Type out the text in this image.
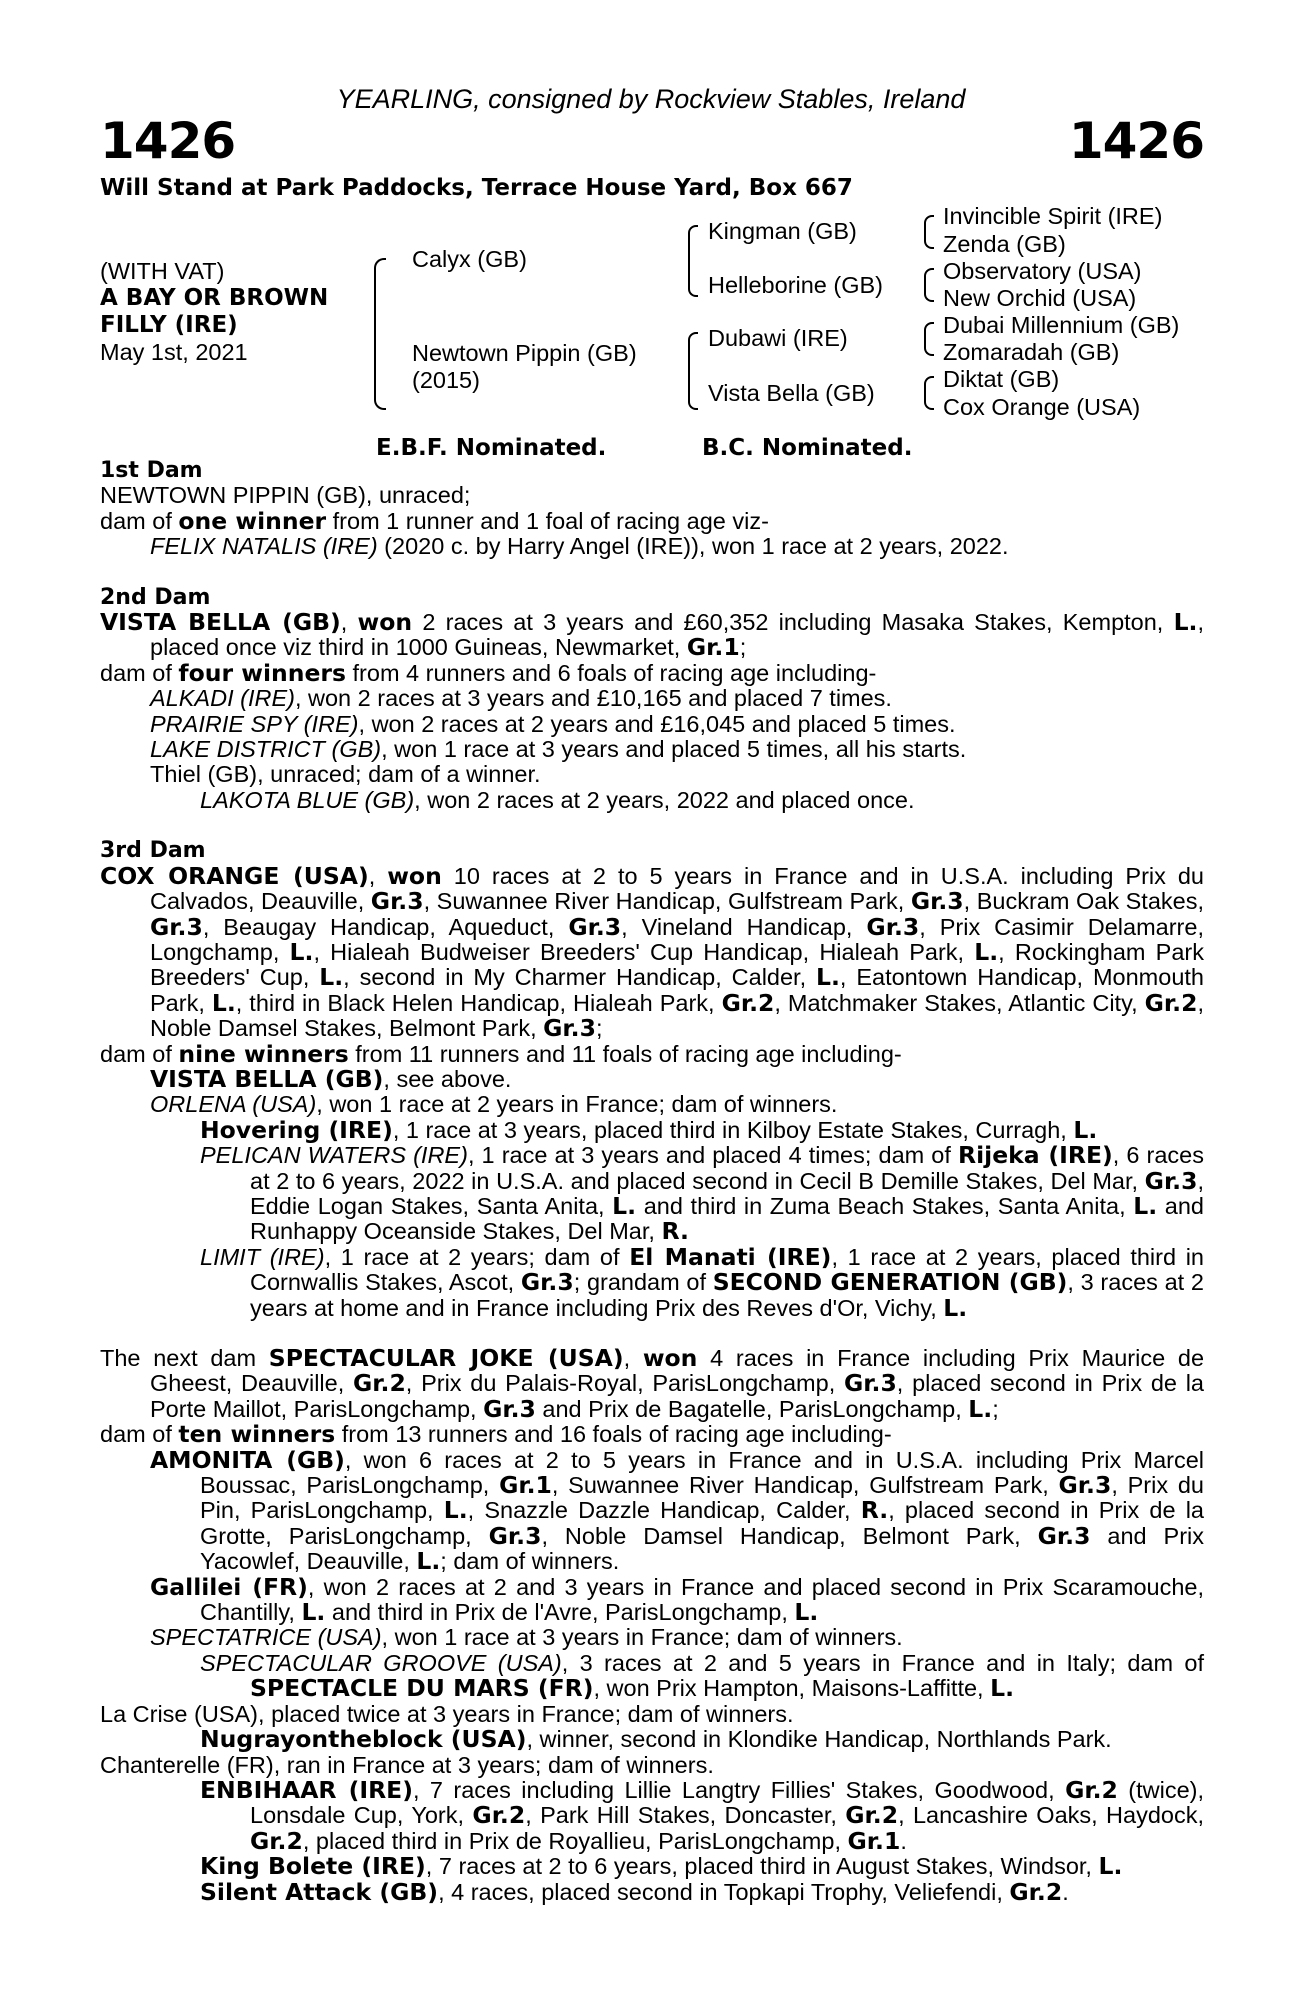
YEARLING, consigned by Rockview Stables, Ireland
1426	1426
Will Stand at Park Paddocks, Terrace House Yard, Box 667
(WITH VAT)
A BAY OR BROWN
FILLY (IRE)
May 1st, 2021
Calyx (GB)
Newtown Pippin (GB)
(2015)
Kingman (GB)
Helleborine (GB)
Dubawi (IRE)
Vista Bella (GB)
Invincible Spirit (IRE)
Zenda (GB)
Observatory (USA)
New Orchid (USA)
Dubai Millennium (GB)
Zomaradah (GB)
Diktat (GB)
Cox Orange (USA)
E.B.F. Nominated.	B.C. Nominated.

1st Dam

NEWTOWN PIPPIN (GB), unraced;

dam of one winner from 1 runner and 1 foal of racing age viz-

FELIX NATALIS (IRE) (2020 c. by Harry Angel (IRE)), won 1 race at 2 years, 2022.

2nd Dam

VISTA BELLA (GB), won 2 races at 3 years and £60,352 including Masaka Stakes, Kempton, L., placed once viz third in 1000 Guineas, Newmarket, Gr.1;

dam of four winners from 4 runners and 6 foals of racing age including-

ALKADI (IRE), won 2 races at 3 years and £10,165 and placed 7 times.

PRAIRIE SPY (IRE), won 2 races at 2 years and £16,045 and placed 5 times.

LAKE DISTRICT (GB), won 1 race at 3 years and placed 5 times, all his starts.

Thiel (GB), unraced; dam of a winner.

LAKOTA BLUE (GB), won 2 races at 2 years, 2022 and placed once.

3rd Dam

COX ORANGE (USA), won 10 races at 2 to 5 years in France and in U.S.A. including Prix du Calvados, Deauville, Gr.3, Suwannee River Handicap, Gulfstream Park, Gr.3, Buckram Oak Stakes, Gr.3, Beaugay Handicap, Aqueduct, Gr.3, Vineland Handicap, Gr.3, Prix Casimir Delamarre, Longchamp, L., Hialeah Budweiser Breeders' Cup Handicap, Hialeah Park, L., Rockingham Park Breeders' Cup, L., second in My Charmer Handicap, Calder, L., Eatontown Handicap, Monmouth Park, L., third in Black Helen Handicap, Hialeah Park, Gr.2, Matchmaker Stakes, Atlantic City, Gr.2, Noble Damsel Stakes, Belmont Park, Gr.3;

dam of nine winners from 11 runners and 11 foals of racing age including-

VISTA BELLA (GB), see above.

ORLENA (USA), won 1 race at 2 years in France; dam of winners.

Hovering (IRE), 1 race at 3 years, placed third in Kilboy Estate Stakes, Curragh, L.

PELICAN WATERS (IRE), 1 race at 3 years and placed 4 times; dam of Rijeka (IRE), 6 races at 2 to 6 years, 2022 in U.S.A. and placed second in Cecil B Demille Stakes, Del Mar, Gr.3, Eddie Logan Stakes, Santa Anita, L. and third in Zuma Beach Stakes, Santa Anita, L. and Runhappy Oceanside Stakes, Del Mar, R.

LIMIT (IRE), 1 race at 2 years; dam of El Manati (IRE), 1 race at 2 years, placed third in Cornwallis Stakes, Ascot, Gr.3; grandam of SECOND GENERATION (GB), 3 races at 2 years at home and in France including Prix des Reves d'Or, Vichy, L.

The next dam SPECTACULAR JOKE (USA), won 4 races in France including Prix Maurice de Gheest, Deauville, Gr.2, Prix du Palais-Royal, ParisLongchamp, Gr.3, placed second in Prix de la Porte Maillot, ParisLongchamp, Gr.3 and Prix de Bagatelle, ParisLongchamp, L.;

dam of ten winners from 13 runners and 16 foals of racing age including-

AMONITA (GB), won 6 races at 2 to 5 years in France and in U.S.A. including Prix Marcel Boussac, ParisLongchamp, Gr.1, Suwannee River Handicap, Gulfstream Park, Gr.3, Prix du Pin, ParisLongchamp, L., Snazzle Dazzle Handicap, Calder, R., placed second in Prix de la Grotte, ParisLongchamp, Gr.3, Noble Damsel Handicap, Belmont Park, Gr.3 and Prix Yacowlef, Deauville, L.; dam of winners.

Gallilei (FR), won 2 races at 2 and 3 years in France and placed second in Prix Scaramouche, Chantilly, L. and third in Prix de l'Avre, ParisLongchamp, L.

SPECTATRICE (USA), won 1 race at 3 years in France; dam of winners.

SPECTACULAR GROOVE (USA), 3 races at 2 and 5 years in France and in Italy; dam of SPECTACLE DU MARS (FR), won Prix Hampton, Maisons-Laffitte, L.

La Crise (USA), placed twice at 3 years in France; dam of winners.

Nugrayontheblock (USA), winner, second in Klondike Handicap, Northlands Park.

Chanterelle (FR), ran in France at 3 years; dam of winners.

ENBIHAAR (IRE), 7 races including Lillie Langtry Fillies' Stakes, Goodwood, Gr.2 (twice), Lonsdale Cup, York, Gr.2, Park Hill Stakes, Doncaster, Gr.2, Lancashire Oaks, Haydock, Gr.2, placed third in Prix de Royallieu, ParisLongchamp, Gr.1.

King Bolete (IRE), 7 races at 2 to 6 years, placed third in August Stakes, Windsor, L.

Silent Attack (GB), 4 races, placed second in Topkapi Trophy, Veliefendi, Gr.2.
